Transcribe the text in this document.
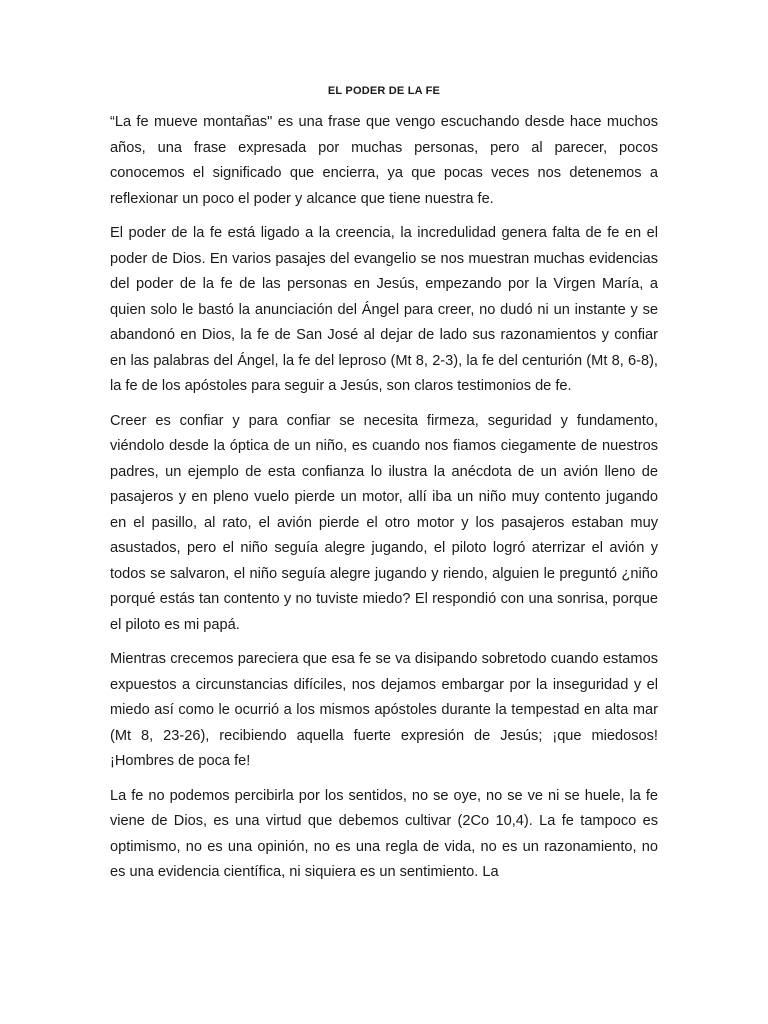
EL PODER DE LA FE

“La fe mueve montañas" es una frase que vengo escuchando desde hace muchos años, una frase expresada por muchas personas, pero al parecer, pocos conocemos el significado que encierra, ya que pocas veces nos detenemos a reflexionar un poco el poder y alcance que tiene nuestra fe.

El poder de la fe está ligado a la creencia, la incredulidad genera falta de fe en el poder de Dios. En varios pasajes del evangelio se nos muestran muchas evidencias del poder de la fe de las personas en Jesús, empezando por la Virgen María, a quien solo le bastó la anunciación del Ángel para creer, no dudó ni un instante y se abandonó en Dios, la fe de San José al dejar de lado sus razonamientos y confiar en las palabras del Ángel, la fe del leproso (Mt 8, 2-3), la fe del centurión (Mt 8, 6-8), la fe de los apóstoles para seguir a Jesús, son claros testimonios de fe.

Creer es confiar y para confiar se necesita firmeza, seguridad y fundamento, viéndolo desde la óptica de un niño, es cuando nos fiamos ciegamente de nuestros padres, un ejemplo de esta confianza lo ilustra la anécdota de un avión lleno de pasajeros y en pleno vuelo pierde un motor, allí iba un niño muy contento jugando en el pasillo, al rato, el avión pierde el otro motor y los pasajeros estaban muy asustados, pero el niño seguía alegre jugando, el piloto logró aterrizar el avión y todos se salvaron, el niño seguía alegre jugando y riendo, alguien le preguntó ¿niño porqué estás tan contento y no tuviste miedo? El respondió con una sonrisa, porque el piloto es mi papá.

Mientras crecemos pareciera que esa fe se va disipando sobretodo cuando estamos expuestos a circunstancias difíciles, nos dejamos embargar por la inseguridad y el miedo así como le ocurrió a los mismos apóstoles durante la tempestad en alta mar (Mt 8, 23-26), recibiendo aquella fuerte expresión de Jesús; ¡que miedosos! ¡Hombres de poca fe!

La fe no podemos percibirla por los sentidos, no se oye, no se ve ni se huele, la fe viene de Dios, es una virtud que debemos cultivar (2Co 10,4). La fe tampoco es optimismo, no es una opinión, no es una regla de vida, no es un razonamiento, no es una evidencia científica, ni siquiera es un sentimiento. La
